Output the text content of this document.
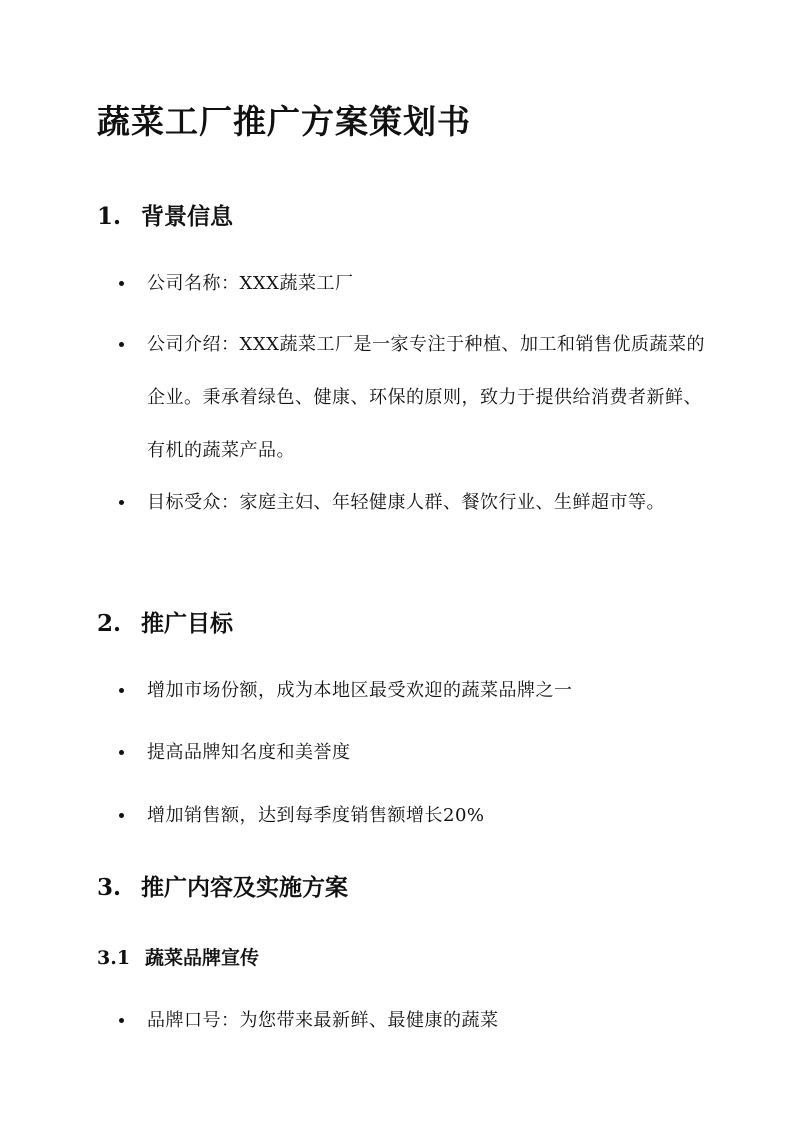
蔬菜工厂推广方案策划书
1. 背景信息

公司名称：XXX蔬菜工厂

公司介绍：XXX蔬菜工厂是一家专注于种植、加工和销售优质蔬菜的企业。秉承着绿色、健康、环保的原则，致力于提供给消费者新鲜、有机的蔬菜产品。

目标受众：家庭主妇、年轻健康人群、餐饮行业、生鲜超市等。

2. 推广目标

增加市场份额，成为本地区最受欢迎的蔬菜品牌之一

提高品牌知名度和美誉度

增加销售额，达到每季度销售额增长20%

3. 推广内容及实施方案
3.1 蔬菜品牌宣传

品牌口号：为您带来最新鲜、最健康的蔬菜
